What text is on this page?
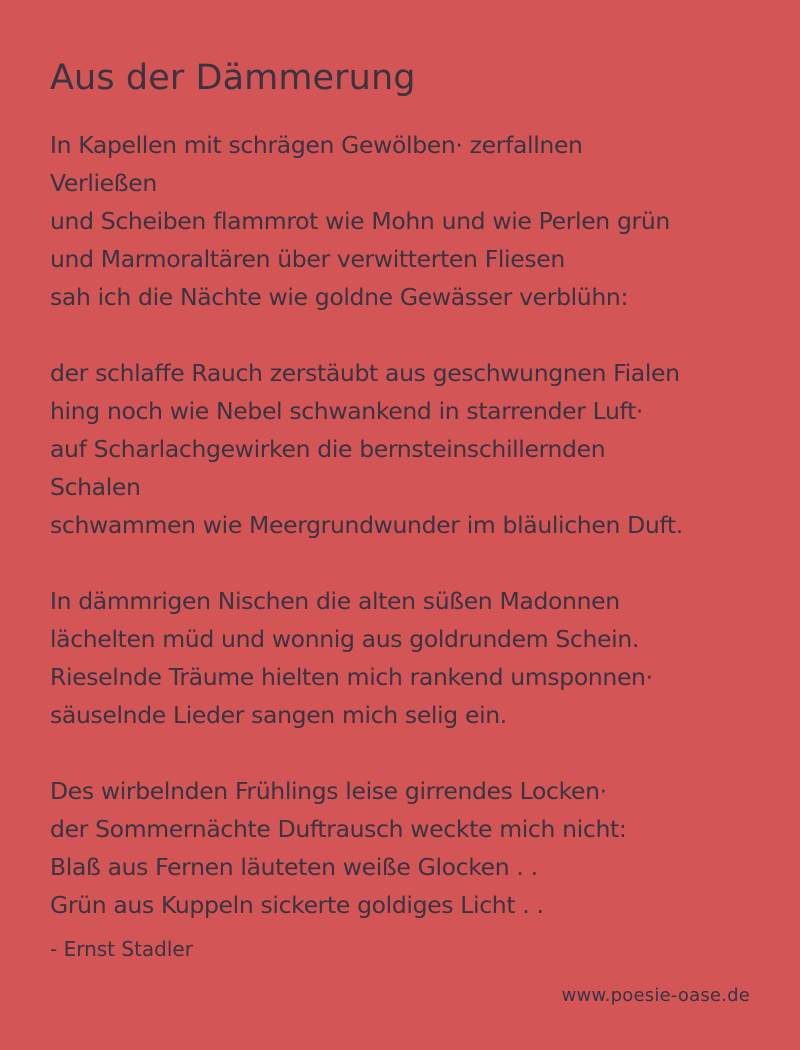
Aus der Dämmerung
In Kapellen mit schrägen Gewölben· zerfallnen
Verließen
und Scheiben flammrot wie Mohn und wie Perlen grün
und Marmoraltären über verwitterten Fliesen
sah ich die Nächte wie goldne Gewässer verblühn:
der schlaffe Rauch zerstäubt aus geschwungnen Fialen
hing noch wie Nebel schwankend in starrender Luft·
auf Scharlachgewirken die bernsteinschillernden
Schalen
schwammen wie Meergrundwunder im bläulichen Duft.
In dämmrigen Nischen die alten süßen Madonnen
lächelten müd und wonnig aus goldrundem Schein.
Rieselnde Träume hielten mich rankend umsponnen·
säuselnde Lieder sangen mich selig ein.
Des wirbelnden Frühlings leise girrendes Locken·
der Sommernächte Duftrausch weckte mich nicht:
Blaß aus Fernen läuteten weiße Glocken . .
Grün aus Kuppeln sickerte goldiges Licht . .
- Ernst Stadler
www.poesie-oase.de
